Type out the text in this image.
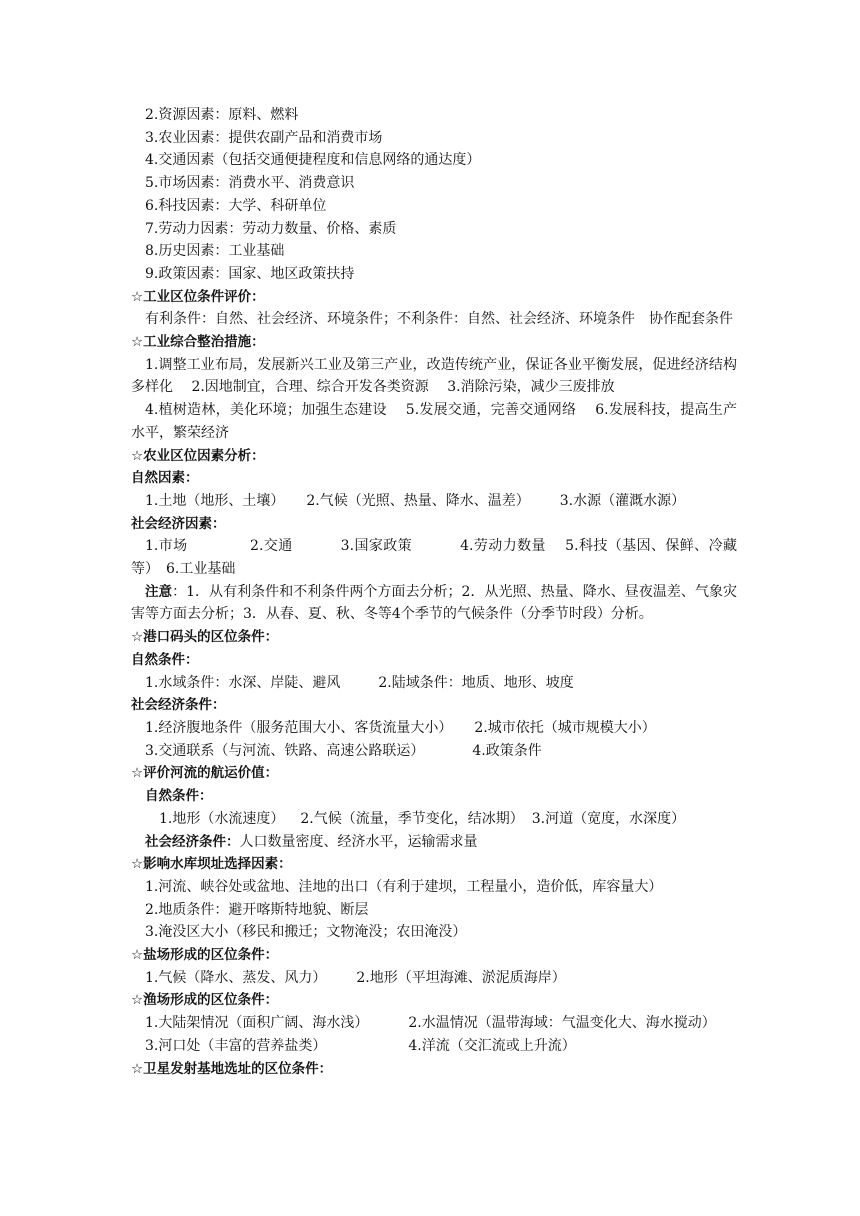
2.资源因素：原料、燃料
3.农业因素：提供农副产品和消费市场
4.交通因素（包括交通便捷程度和信息网络的通达度）
5.市场因素：消费水平、消费意识
6.科技因素：大学、科研单位
7.劳动力因素：劳动力数量、价格、素质
8.历史因素：工业基础
9.政策因素：国家、地区政策扶持
☆工业区位条件评价：
有利条件：自然、社会经济、环境条件；不利条件：自然、社会经济、环境条件　协作配套条件
☆工业综合整治措施：
1.调整工业布局，发展新兴工业及第三产业，改造传统产业，保证各业平衡发展，促进经济结构多样化　 2.因地制宜，合理、综合开发各类资源　 3.消除污染，减少三废排放
4.植树造林，美化环境；加强生态建设　 5.发展交通，完善交通网络　 6.发展科技，提高生产水平，繁荣经济
☆农业区位因素分析：
自然因素：
1.土地（地形、土壤） 2.气候（光照、热量、降水、温差） 3.水源（灌溉水源）
社会经济因素：
1.市场　　　　 2.交通　　　 3.国家政策　　　 4.劳动力数量　 5.科技（基因、保鲜、冷藏等）　6.工业基础
注意：1．从有利条件和不利条件两个方面去分析；2．从光照、热量、降水、昼夜温差、气象灾害等方面去分析；3．从春、夏、秋、冬等4个季节的气候条件（分季节时段）分析。
☆港口码头的区位条件：
自然条件：
1.水域条件：水深、岸陡、避风	2.陆域条件：地质、地形、坡度
社会经济条件：
1.经济腹地条件（服务范围大小、客货流量大小） 2.城市依托（城市规模大小）
3.交通联系（与河流、铁路、高速公路联运）	4.政策条件
☆评价河流的航运价值：
自然条件：
1.地形（水流速度） 2.气候（流量，季节变化，结冰期） 3.河道（宽度，水深度）
社会经济条件：人口数量密度、经济水平，运输需求量
☆影响水库坝址选择因素：
1.河流、峡谷处或盆地、洼地的出口（有利于建坝，工程量小，造价低，库容量大）
2.地质条件：避开喀斯特地貌、断层
3.淹没区大小（移民和搬迁；文物淹没；农田淹没）
☆盐场形成的区位条件：
1.气候（降水、蒸发、风力） 2.地形（平坦海滩、淤泥质海岸）
☆渔场形成的区位条件：
1.大陆架情况（面积广阔、海水浅）	2.水温情况（温带海域：气温变化大、海水搅动）
3.河口处（丰富的营养盐类）	4.洋流（交汇流或上升流）
☆卫星发射基地选址的区位条件：
